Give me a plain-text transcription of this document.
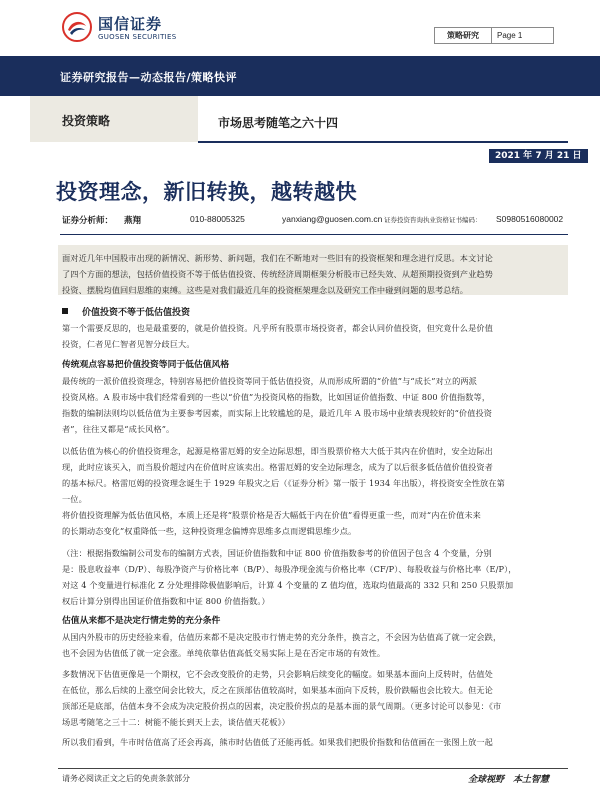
国信证券
GUOSEN SECURITIES	策略研究	Page 1
证券研究报告—动态报告/策略快评
投资策略	市场思考随笔之六十四
2021 年 7 月 21 日
投资理念，新旧转换，越转越快
证券分析师： 燕翔	010-88005325	yanxiang@guosen.com.cn 证券投资咨询执业资格证书编码： S0980516080002
面对近几年中国股市出现的新情况、新形势、新问题，我们在不断地对一些旧有的投资框架和理念进行反思。本文讨论
了四个方面的想法，包括价值投资不等于低估值投资、传统经济周期框架分析股市已经失效、从超预期投资到产业趋势
投资、摆脱均值回归思维的束缚。这些是对我们最近几年的投资框架理念以及研究工作中碰到问题的思考总结。
价值投资不等于低估值投资
第一个需要反思的，也是最重要的，就是价值投资。凡乎所有股票市场投资者，都会认同价值投资，但究竟什么是价值
投资，仁者见仁智者见智分歧巨大。
传统观点容易把价值投资等同于低估值风格
最传统的一派价值投资理念，特别容易把价值投资等同于低估值投资，从而形成所谓的“价值”与“成长”对立的两派
投资风格。A 股市场中我们经常看到的一些以“价值”为投资风格的指数，比如国证价值指数、中证 800 价值指数等，
指数的编制法则均以低估值为主要参考因素，而实际上比较尴尬的是，最近几年 A 股市场中业绩表现较好的“价值投资
者”，往往又都是“成长风格”。
以低估值为核心的价值投资理念，起源是格雷厄姆的安全边际思想，即当股票价格大大低于其内在价值时，安全边际出
现，此时应该买入，而当股价超过内在价值时应该卖出。格雷厄姆的安全边际理念，成为了以后很多低估值价值投资者
的基本标尺。格雷厄姆的投资理念诞生于 1929 年股灾之后（《证券分析》第一版于 1934 年出版），将投资安全性放在第
一位。
将价值投资理解为低估值风格，本质上还是将“股票价格是否大幅低于内在价值”看得更重一些，而对“内在价值未来
的长期动态变化”权重降低一些，这种投资理念偏博弈思维多点而逻辑思维少点。
（注：根据指数编制公司发布的编制方式表，国证价值指数和中证 800 价值指数参考的价值因子包含 4 个变量，分别
是：股息收益率（D/P）、每股净资产与价格比率（B/P）、每股净现金流与价格比率（CF/P）、每股收益与价格比率（E/P），
对这 4 个变量进行标准化 Z 分处理排除极值影响后，计算 4 个变量的 Z 值均值，选取均值最高的 332 只和 250 只股票加
权后计算分别得出国证价值指数和中证 800 价值指数。）
估值从来都不是决定行情走势的充分条件
从国内外股市的历史经验来看，估值历来都不是决定股市行情走势的充分条件，换言之，不会因为估值高了就一定会跌，
也不会因为估值低了就一定会涨。单纯依靠估值高低交易实际上是在否定市场的有效性。
多数情况下估值更像是一个期权，它不会改变股价的走势，只会影响后续变化的幅度。如果基本面向上反转时，估值处
在低位，那么后续的上涨空间会比较大，反之在顶部估值较高时，如果基本面向下反转，股价跌幅也会比较大。但无论
顶部还是底部，估值本身不会成为决定股价拐点的因素，决定股价拐点的是基本面的景气周期。（更多讨论可以参见：《市
场思考随笔之三十二：树能不能长到天上去，谈估值天花板》）
所以我们看到，牛市时估值高了还会再高，熊市时估值低了还能再低。如果我们把股价指数和估值画在一张图上放一起
请务必阅读正文之后的免责条款部分	全球视野　本土智慧
